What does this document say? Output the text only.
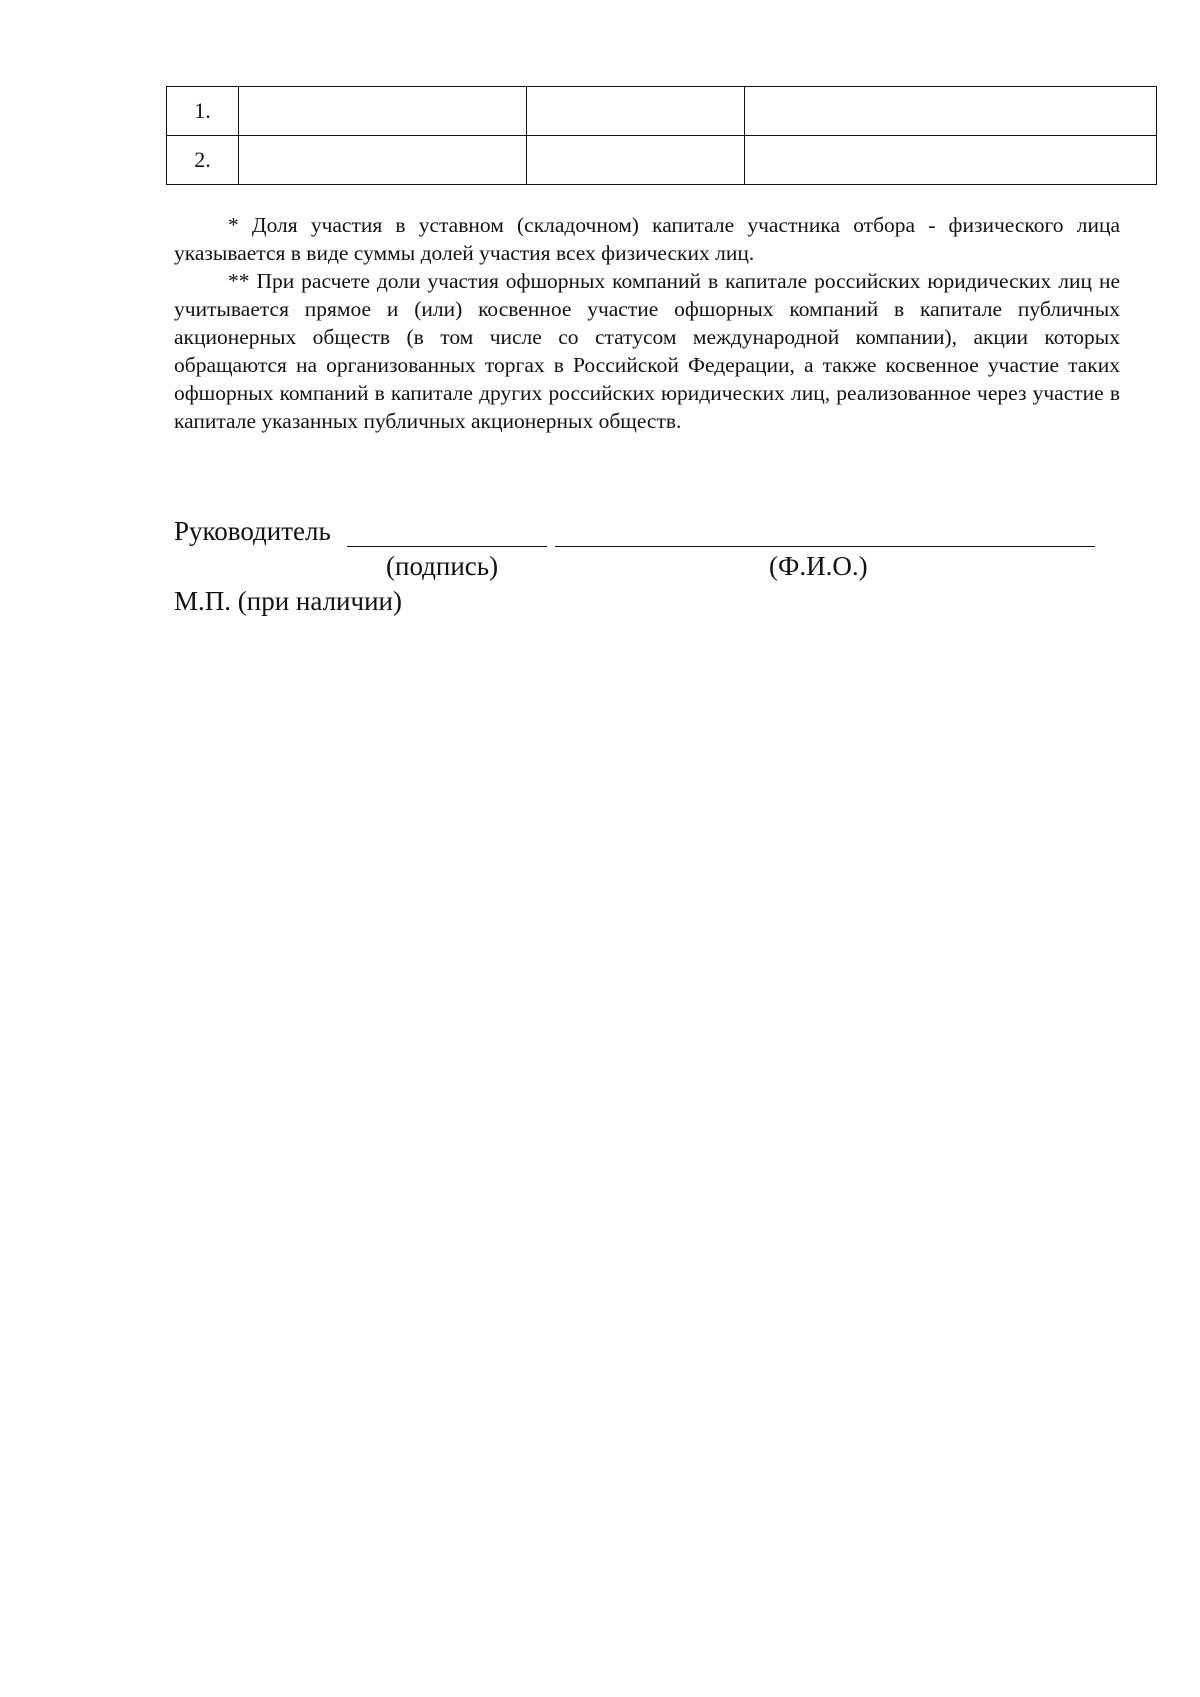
1.			
2.			

* Доля участия в уставном (складочном) капитале участника отбора - физического лица указывается в виде суммы долей участия всех физических лиц.

** При расчете доли участия офшорных компаний в капитале российских юридических лиц не учитывается прямое и (или) косвенное участие офшорных компаний в капитале публичных акционерных обществ (в том числе со статусом международной компании), акции которых обращаются на организованных торгах в Российской Федерации, а также косвенное участие таких офшорных компаний в капитале других российских юридических лиц, реализованное через участие в капитале указанных публичных акционерных обществ.

Руководитель
(подпись)	(Ф.И.О.)
М.П. (при наличии)
